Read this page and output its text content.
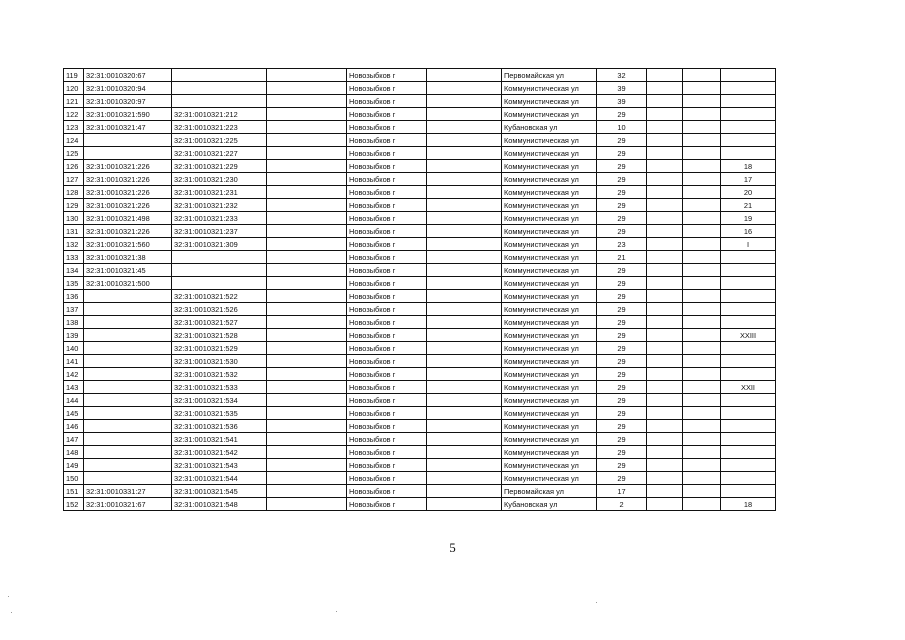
119	32:31:0010320:67			Новозыбков г		Первомайская ул	32			
120	32:31:0010320:94			Новозыбков г		Коммунистическая ул	39			
121	32:31:0010320:97			Новозыбков г		Коммунистическая ул	39			
122	32:31:0010321:590	32:31:0010321:212		Новозыбков г		Коммунистическая ул	29			
123	32:31:0010321:47	32:31:0010321:223		Новозыбков г		Кубановская ул	10			
124		32:31:0010321:225		Новозыбков г		Коммунистическая ул	29			
125		32:31:0010321:227		Новозыбков г		Коммунистическая ул	29			
126	32:31:0010321:226	32:31:0010321:229		Новозыбков г		Коммунистическая ул	29			18
127	32:31:0010321:226	32:31:0010321:230		Новозыбков г		Коммунистическая ул	29			17
128	32:31:0010321:226	32:31:0010321:231		Новозыбков г		Коммунистическая ул	29			20
129	32:31:0010321:226	32:31:0010321:232		Новозыбков г		Коммунистическая ул	29			21
130	32:31:0010321:498	32:31:0010321:233		Новозыбков г		Коммунистическая ул	29			19
131	32:31:0010321:226	32:31:0010321:237		Новозыбков г		Коммунистическая ул	29			16
132	32:31:0010321:560	32:31:0010321:309		Новозыбков г		Коммунистическая ул	23			I
133	32:31:0010321:38			Новозыбков г		Коммунистическая ул	21			
134	32:31:0010321:45			Новозыбков г		Коммунистическая ул	29			
135	32:31:0010321:500			Новозыбков г		Коммунистическая ул	29			
136		32:31:0010321:522		Новозыбков г		Коммунистическая ул	29			
137		32:31:0010321:526		Новозыбков г		Коммунистическая ул	29			
138		32:31:0010321:527		Новозыбков г		Коммунистическая ул	29			
139		32:31:0010321:528		Новозыбков г		Коммунистическая ул	29			XXIII
140		32:31:0010321:529		Новозыбков г		Коммунистическая ул	29			
141		32:31:0010321:530		Новозыбков г		Коммунистическая ул	29			
142		32:31:0010321:532		Новозыбков г		Коммунистическая ул	29			
143		32:31:0010321:533		Новозыбков г		Коммунистическая ул	29			XXII
144		32:31:0010321:534		Новозыбков г		Коммунистическая ул	29			
145		32:31:0010321:535		Новозыбков г		Коммунистическая ул	29			
146		32:31:0010321:536		Новозыбков г		Коммунистическая ул	29			
147		32:31:0010321:541		Новозыбков г		Коммунистическая ул	29			
148		32:31:0010321:542		Новозыбков г		Коммунистическая ул	29			
149		32:31:0010321:543		Новозыбков г		Коммунистическая ул	29			
150		32:31:0010321:544		Новозыбков г		Коммунистическая ул	29			
151	32:31:0010331:27	32:31:0010321:545		Новозыбков г		Первомайская ул	17			
152	32:31:0010321:67	32:31:0010321:548		Новозыбков г		Кубановская ул	2			18
5
